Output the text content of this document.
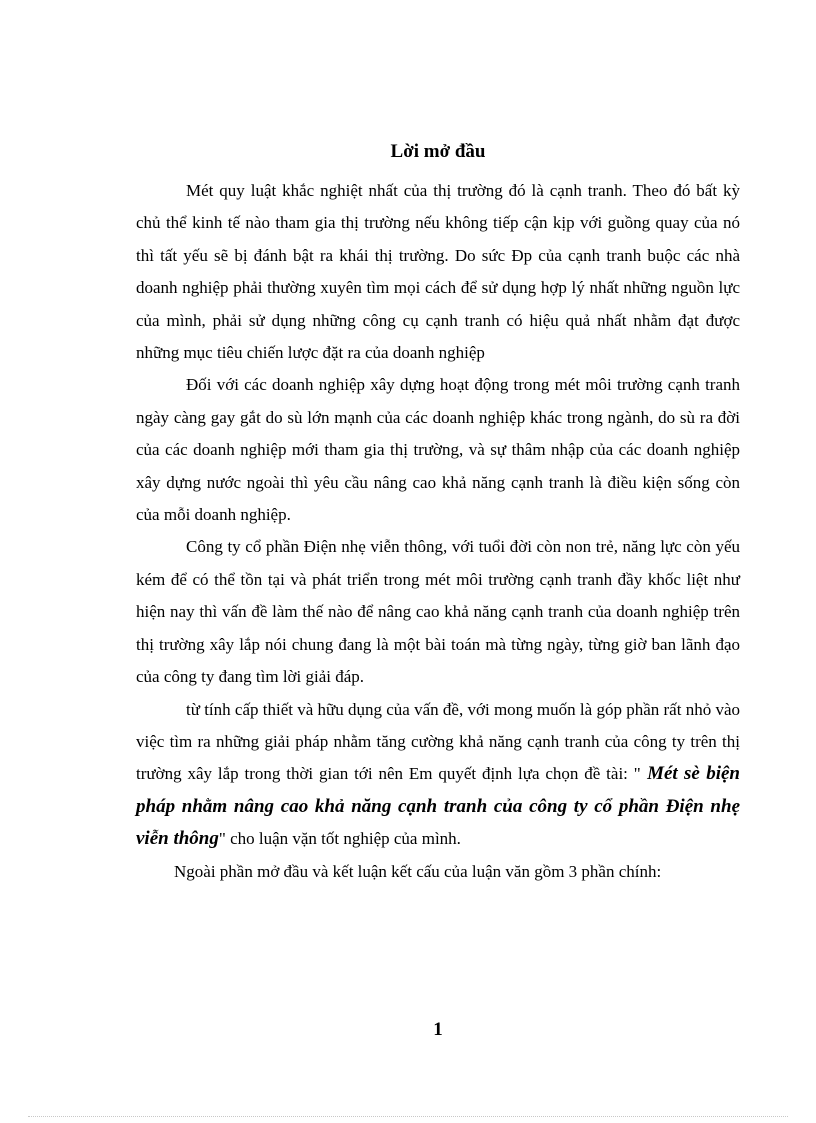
Lời mở đầu

Mét quy luật khắc nghiệt nhất của thị trường đó là cạnh tranh. Theo đó bất kỳ chủ thể kinh tế nào tham gia thị trường nếu không tiếp cận kịp với guồng quay của nó thì tất yếu sẽ bị đánh bật ra khái thị trường. Do sức Ðp của cạnh tranh buộc các nhà doanh nghiệp phải thường xuyên tìm mọi cách để sử dụng hợp lý nhất những nguồn lực của mình, phải sử dụng những công cụ cạnh tranh có hiệu quả nhất nhằm đạt được những mục tiêu chiến lược đặt ra của doanh nghiệp

Đối với các doanh nghiệp xây dựng hoạt động trong mét môi trường cạnh tranh ngày càng gay gắt do sù lớn mạnh của các doanh nghiệp khác trong ngành, do sù ra đời của các doanh nghiệp mới tham gia thị trường, và sự thâm nhập của các doanh nghiệp xây dựng nước ngoài thì yêu cầu nâng cao khả năng cạnh tranh là điều kiện sống còn của mỗi doanh nghiệp.

Công ty cổ phần Điện nhẹ viễn thông, với tuổi đời còn non trẻ, năng lực còn yếu kém để có thể tồn tại và phát triển trong mét môi trường cạnh tranh đầy khốc liệt như hiện nay thì vấn đề làm thế nào để nâng cao khả năng cạnh tranh của doanh nghiệp trên thị trường xây lắp nói chung đang là một bài toán mà từng ngày, từng giờ ban lãnh đạo của công ty đang tìm lời giải đáp.

từ tính cấp thiết và hữu dụng của vấn đề, với mong muốn là góp phần rất nhỏ vào việc tìm ra những giải pháp nhằm tăng cường khả năng cạnh tranh của công ty trên thị trường xây lắp trong thời gian tới nên Em quyết định lựa chọn đề tài: " Mét sè biện pháp nhằm nâng cao khả năng cạnh tranh của công ty cổ phần Điện nhẹ viễn thông" cho luận vặn tốt nghiệp của mình.

Ngoài phần mở đầu và kết luận kết cấu của luận văn gồm 3 phần chính:

1
